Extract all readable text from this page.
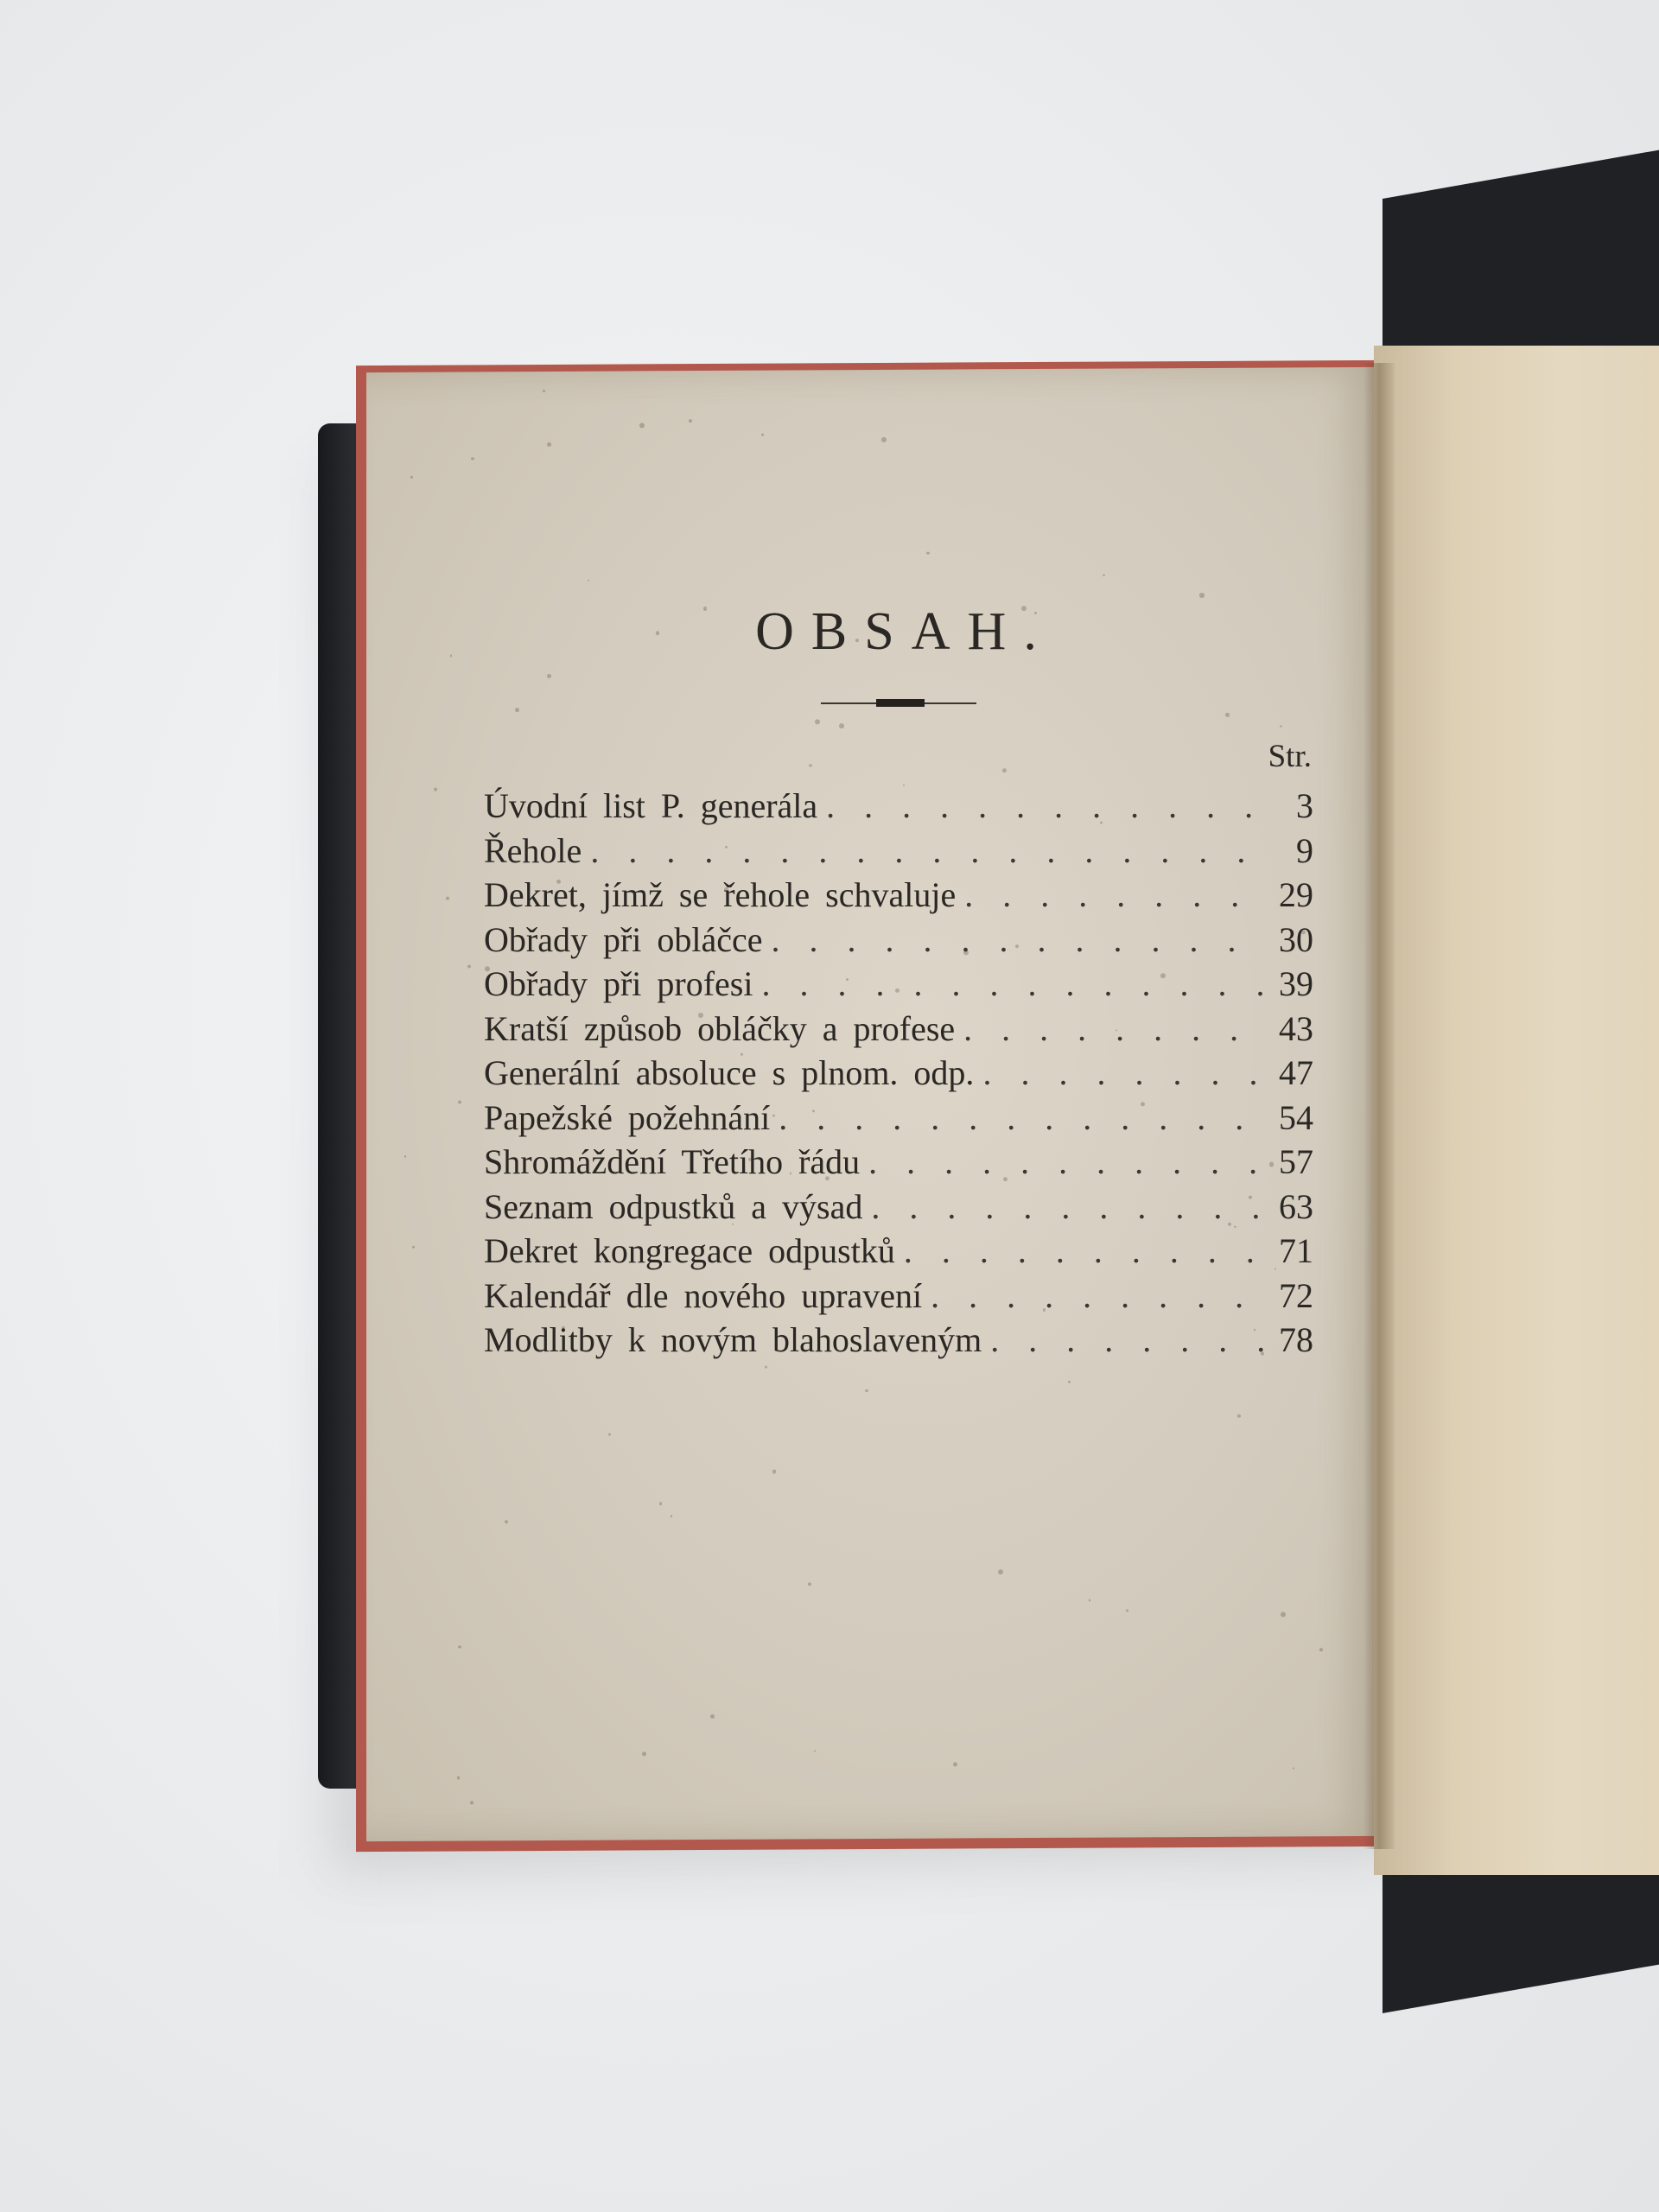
OBSAH.
Str.
Úvodní list P. generála . . .	3
Řehole . . .	9
Dekret, jímž se řehole schvaluje . . .	29
Obřady při obláčce . . .	30
Obřady při profesi . . .	39
Kratší způsob obláčky a profese . . .	43
Generální absoluce s plnom. odp. . . .	47
Papežské požehnání . . .	54
Shromáždění Třetího řádu . . .	57
Seznam odpustků a výsad . . .	63
Dekret kongregace odpustků . . .	71
Kalendář dle nového upravení . . .	72
Modlitby k novým blahoslaveným . . .	78
